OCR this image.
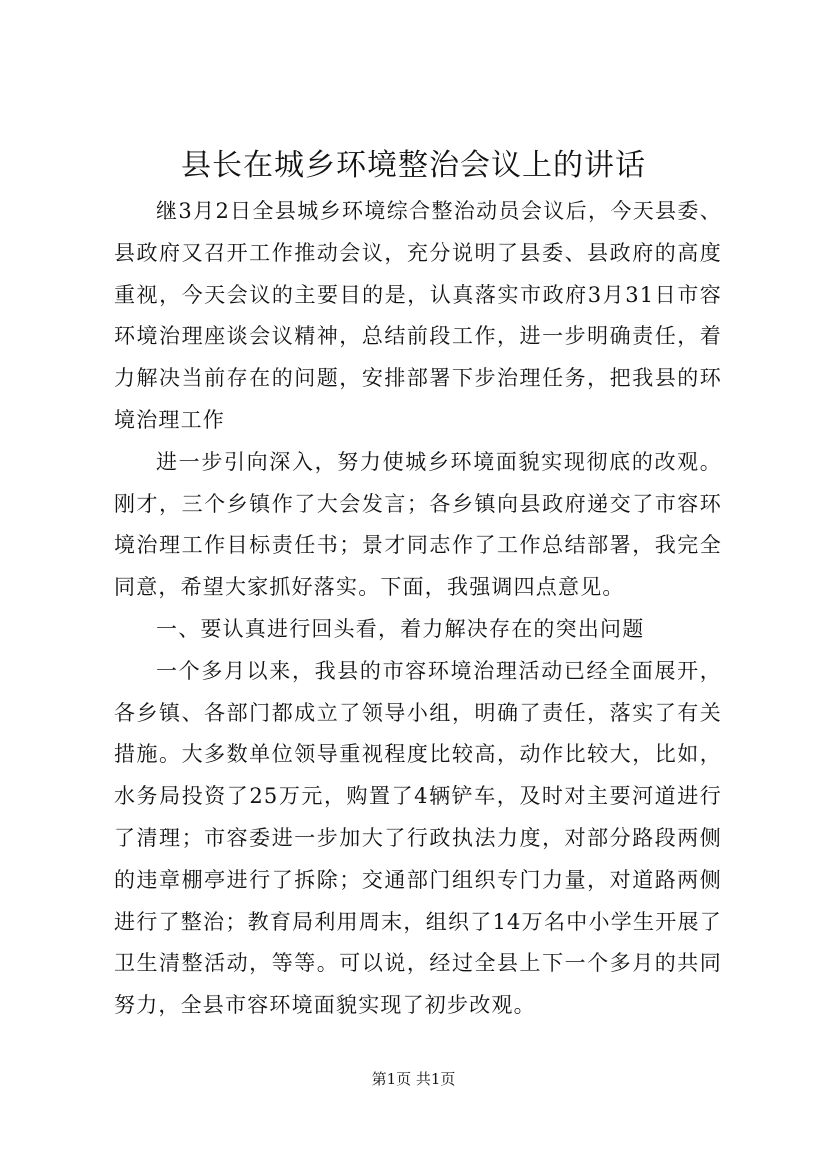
县长在城乡环境整治会议上的讲话

继3月2日全县城乡环境综合整治动员会议后，今天县委、县政府又召开工作推动会议，充分说明了县委、县政府的高度重视，今天会议的主要目的是，认真落实市政府3月31日市容环境治理座谈会议精神，总结前段工作，进一步明确责任，着力解决当前存在的问题，安排部署下步治理任务，把我县的环境治理工作

进一步引向深入，努力使城乡环境面貌实现彻底的改观。刚才，三个乡镇作了大会发言；各乡镇向县政府递交了市容环境治理工作目标责任书；景才同志作了工作总结部署，我完全同意，希望大家抓好落实。下面，我强调四点意见。

一、要认真进行回头看，着力解决存在的突出问题

一个多月以来，我县的市容环境治理活动已经全面展开，各乡镇、各部门都成立了领导小组，明确了责任，落实了有关措施。大多数单位领导重视程度比较高，动作比较大，比如，水务局投资了25万元，购置了4辆铲车，及时对主要河道进行了清理；市容委进一步加大了行政执法力度，对部分路段两侧的违章棚亭进行了拆除；交通部门组织专门力量，对道路两侧进行了整治；教育局利用周末，组织了14万名中小学生开展了卫生清整活动，等等。可以说，经过全县上下一个多月的共同努力，全县市容环境面貌实现了初步改观。

第1页 共1页
